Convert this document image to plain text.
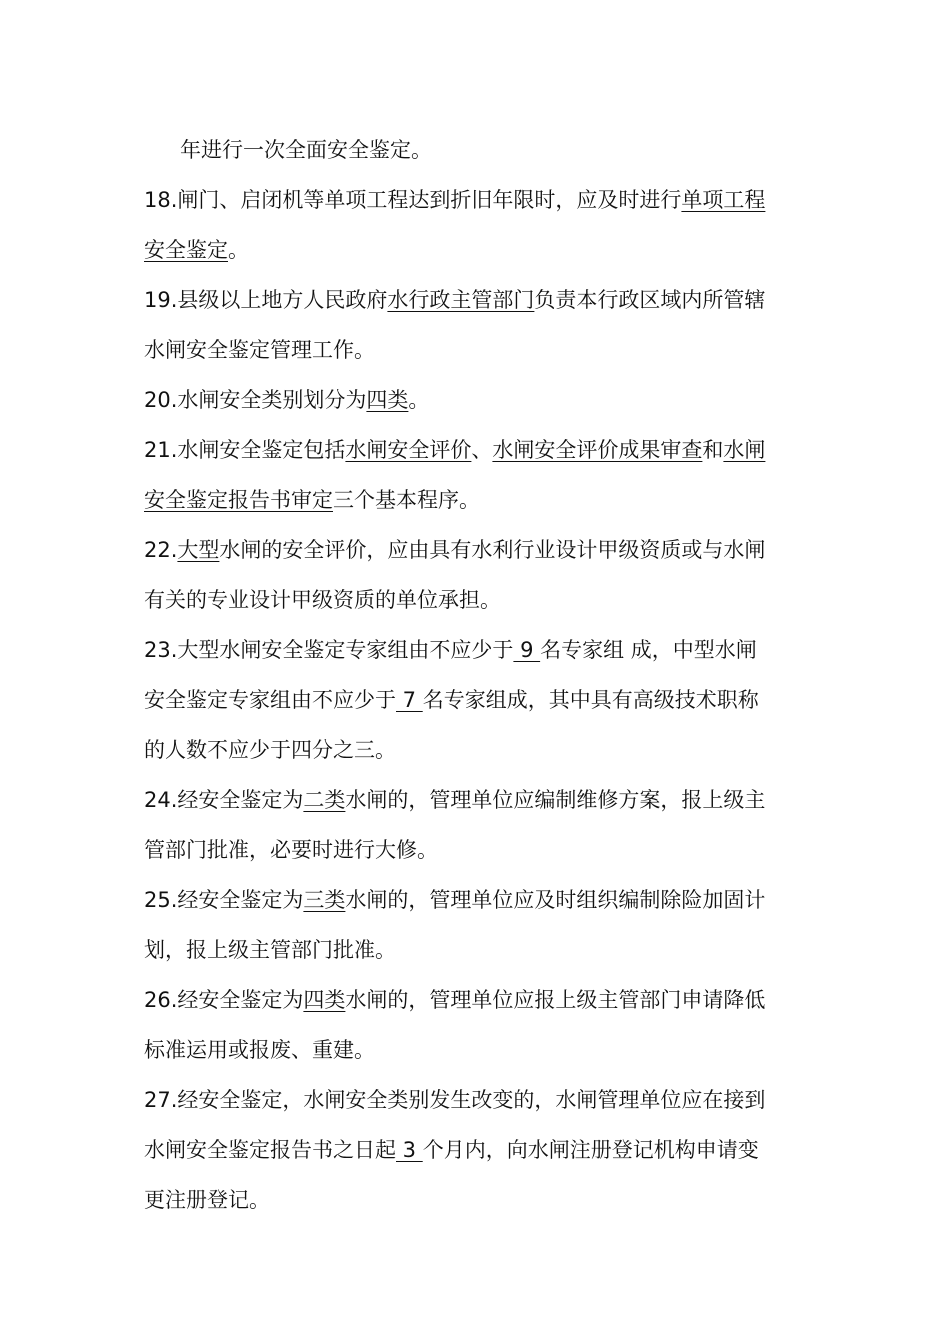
年进行一次全面安全鉴定。
18.闸门、启闭机等单项工程达到折旧年限时，应及时进行单项工程
安全鉴定。
19.县级以上地方人民政府水行政主管部门负责本行政区域内所管辖
水闸安全鉴定管理工作。
20.水闸安全类别划分为四类。
21.水闸安全鉴定包括水闸安全评价、水闸安全评价成果审查和水闸
安全鉴定报告书审定三个基本程序。
22.大型水闸的安全评价，应由具有水利行业设计甲级资质或与水闸
有关的专业设计甲级资质的单位承担。
23.大型水闸安全鉴定专家组由不应少于 9 名专家组 成，中型水闸
安全鉴定专家组由不应少于 7 名专家组成，其中具有高级技术职称
的人数不应少于四分之三。
24.经安全鉴定为二类水闸的，管理单位应编制维修方案，报上级主
管部门批准，必要时进行大修。
25.经安全鉴定为三类水闸的，管理单位应及时组织编制除险加固计
划，报上级主管部门批准。
26.经安全鉴定为四类水闸的，管理单位应报上级主管部门申请降低
标准运用或报废、重建。
27.经安全鉴定，水闸安全类别发生改变的，水闸管理单位应在接到
水闸安全鉴定报告书之日起 3 个月内，向水闸注册登记机构申请变
更注册登记。
